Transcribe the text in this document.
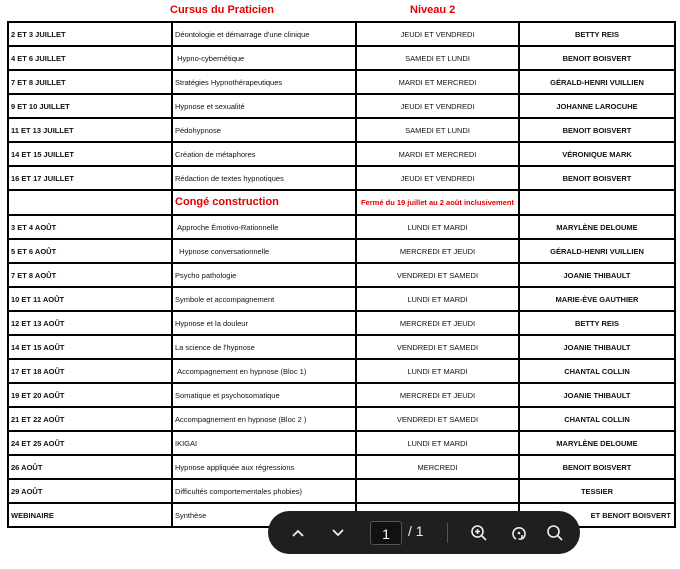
Cursus du Praticien	Niveau 2
2 ET 3 JUILLET	Déontologie et démarrage d'une clinique	JEUDI ET VENDREDI	BETTY REIS
4 ET 6 JUILLET	Hypno-cybernétique	SAMEDI ET LUNDI	BENOIT BOISVERT
7 ET 8 JUILLET	Stratégies Hypnothérapeutiques	MARDI ET MERCREDI	GÉRALD-HENRI VUILLIEN
9 ET 10 JUILLET	Hypnose et sexualité	JEUDI ET VENDREDI	JOHANNE LAROCUHE
11 ET 13 JUILLET	Pédohypnose	SAMEDI ET LUNDI	BENOIT BOISVERT
14 ET 15 JUILLET	Création de métaphores	MARDI ET MERCREDI	VÉRONIQUE MARK
16 ET 17 JUILLET	Rédaction de textes hypnotiques	JEUDI ET VENDREDI	BENOIT BOISVERT
	Congé construction	Fermé du 19 juillet au 2 août inclusivement	
3 ET 4 AOÛT	Approche Émotivo-Rationnelle	LUNDI ET MARDI	MARYLÈNE DELOUME
5 ET 6 AOÛT	Hypnose conversationnelle	MERCREDI ET JEUDI	GÉRALD-HENRI VUILLIEN
7 ET 8 AOÛT	Psycho pathologie	VENDREDI ET SAMEDI	JOANIE THIBAULT
10 ET 11 AOÛT	Symbole et accompagnement	LUNDI ET MARDI	MARIE-ÈVE GAUTHIER
12 ET 13 AOÛT	Hypnose et la douleur	MERCREDI ET JEUDI	BETTY REIS
14 ET 15 AOÛT	La science de l'hypnose	VENDREDI ET SAMEDI	JOANIE THIBAULT
17 ET 18 AOÛT	Accompagnement en hypnose (Bloc 1)	LUNDI ET MARDI	CHANTAL COLLIN
19 ET 20 AOÛT	Somatique et psychosomatique	MERCREDI ET JEUDI	JOANIE THIBAULT
21 ET 22 AOÛT	Accompagnement en hypnose (Bloc 2 )	VENDREDI ET SAMEDI	CHANTAL COLLIN
24 ET 25 AOÛT	IKIGAI	LUNDI ET MARDI	MARYLÈNE DELOUME
26 AOÛT	Hypnose appliquée aux régressions	MERCREDI	BENOIT BOISVERT
29 AOÛT	Difficultés comportementales phobies)		TESSIER
WEBINAIRE	Synthèse		ET BENOIT BOISVERT
1	/ 1
